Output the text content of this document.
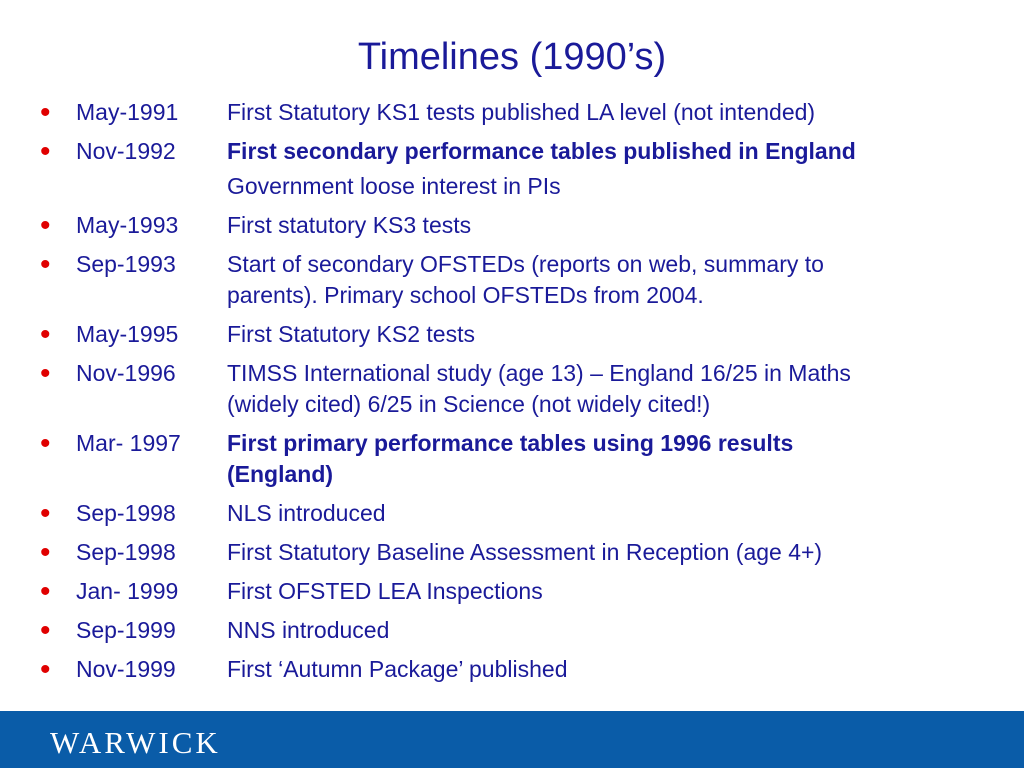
Timelines (1990’s)
• May-1991 First Statutory KS1 tests published LA level (not intended)
• Nov-1992 First secondary performance tables published in England
Government loose interest in PIs
• May-1993 First statutory KS3 tests
• Sep-1993 Start of secondary OFSTEDs (reports on web, summary to
parents). Primary school OFSTEDs from 2004.
• May-1995 First Statutory KS2 tests
• Nov-1996 TIMSS International study (age 13) – England 16/25 in Maths
(widely cited) 6/25 in Science (not widely cited!)
• Mar- 1997 First primary performance tables using 1996 results
(England)
• Sep-1998 NLS introduced
• Sep-1998 First Statutory Baseline Assessment in Reception (age 4+)
• Jan- 1999 First OFSTED LEA Inspections
• Sep-1999 NNS introduced
• Nov-1999 First ‘Autumn Package’ published
WARWICK
